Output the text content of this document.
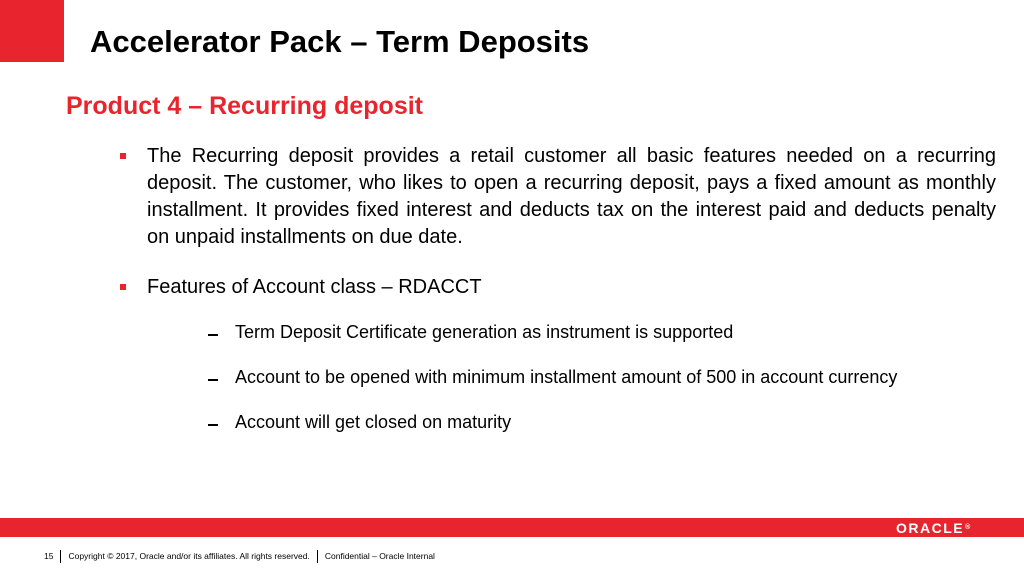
Accelerator Pack – Term Deposits
Product 4 – Recurring deposit

The Recurring deposit provides a retail customer all basic features needed on a recurring deposit. The customer, who likes to open a recurring deposit, pays a fixed amount as monthly installment. It provides fixed interest and deducts tax on the interest paid and deducts penalty on unpaid installments on due date.

Features of Account class – RDACCT

Term Deposit Certificate generation as instrument is supported

Account to be opened with minimum installment amount of 500 in account currency

Account will get closed on maturity

ORACLE®
15 Copyright © 2017, Oracle and/or its affiliates. All rights reserved. Confidential – Oracle Internal
